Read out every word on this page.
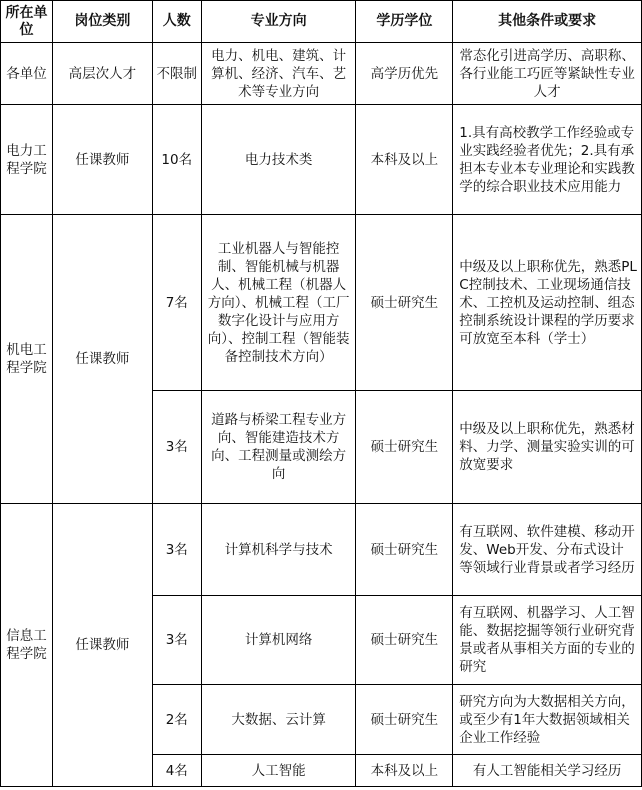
所在单位	岗位类别	人数	专业方向	学历学位	其他条件或要求
各单位	高层次人才	不限制	电力、机电、建筑、计算机、经济、汽车、艺术等专业方向	高学历优先	常态化引进高学历、高职称、各行业能工巧匠等紧缺性专业人才
电力工程学院	任课教师	10名	电力技术类	本科及以上	1.具有高校教学工作经验或专业实践经验者优先；2.具有承担本专业本专业理论和实践教学的综合职业技术应用能力
机电工程学院	任课教师	7名	工业机器人与智能控制、智能机械与机器人、机械工程（机器人方向）、机械工程（工厂数字化设计与应用方向）、控制工程（智能装备控制技术方向）	硕士研究生	中级及以上职称优先，熟悉PLC控制技术、工业现场通信技术、工控机及运动控制、组态控制系统设计课程的学历要求可放宽至本科（学士）
		3名	道路与桥梁工程专业方向、智能建造技术方向、工程测量或测绘方向	硕士研究生	中级及以上职称优先，熟悉材料、力学、测量实验实训的可放宽要求
信息工程学院	任课教师	3名	计算机科学与技术	硕士研究生	有互联网、软件建模、移动开发、Web开发、分布式设计等领域行业背景或者学习经历
		3名	计算机网络	硕士研究生	有互联网、机器学习、人工智能、数据挖掘等领行业研究背景或者从事相关方面的专业的研究
		2名	大数据、云计算	硕士研究生	研究方向为大数据相关方向，或至少有1年大数据领域相关企业工作经验
		4名	人工智能	本科及以上	有人工智能相关学习经历
